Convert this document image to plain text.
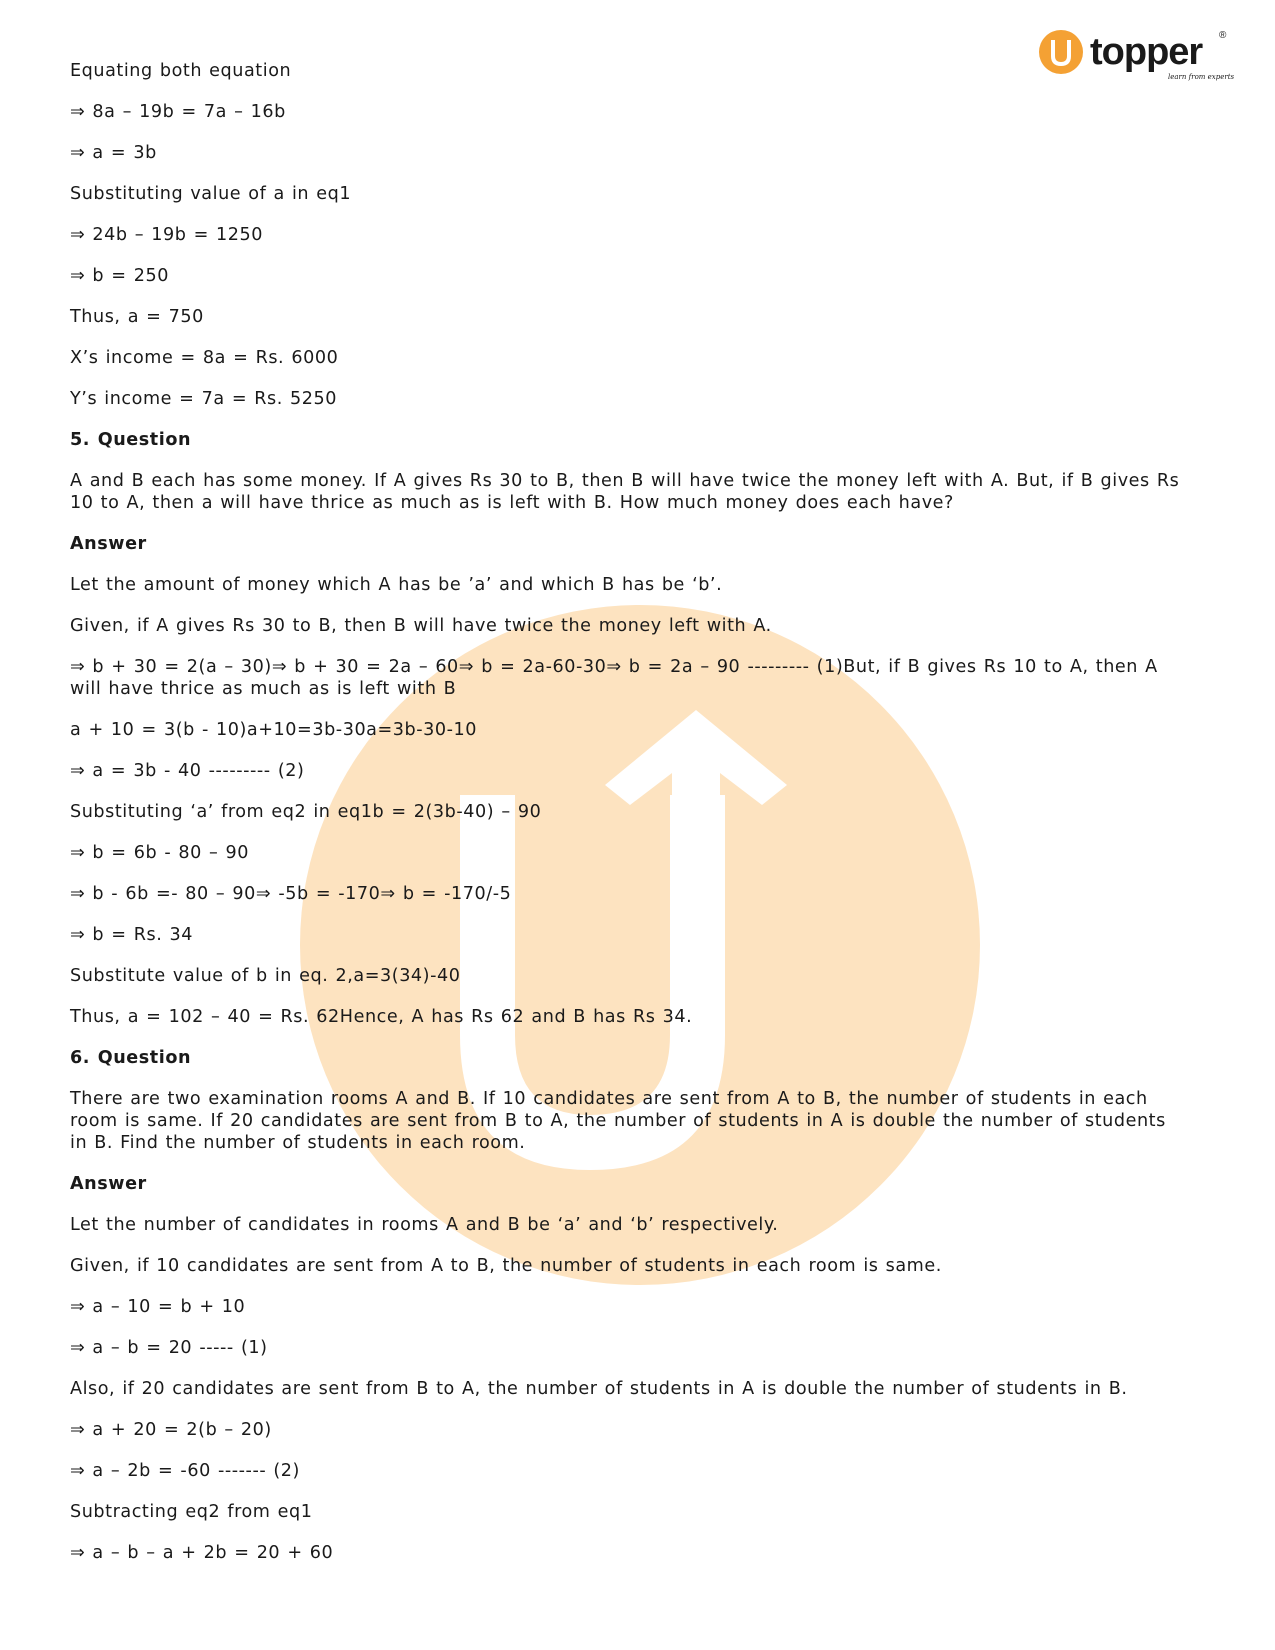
topper
learn from experts
®

Equating both equation

⇒ 8a – 19b = 7a – 16b

⇒ a = 3b

Substituting value of a in eq1

⇒ 24b – 19b = 1250

⇒ b = 250

Thus, a = 750

X’s income = 8a = Rs. 6000

Y’s income = 7a = Rs. 5250

5. Question

A and B each has some money. If A gives Rs 30 to B, then B will have twice the money left with A. But, if B gives Rs 10 to A, then a will have thrice as much as is left with B. How much money does each have?

Answer

Let the amount of money which A has be ’a’ and which B has be ‘b’.

Given, if A gives Rs 30 to B, then B will have twice the money left with A.

⇒ b + 30 = 2(a – 30)⇒ b + 30 = 2a – 60⇒ b = 2a-60-30⇒ b = 2a – 90 --------- (1)But, if B gives Rs 10 to A, then A will have thrice as much as is left with B

a + 10 = 3(b - 10)a+10=3b-30a=3b-30-10

⇒ a = 3b - 40 --------- (2)

Substituting ‘a’ from eq2 in eq1b = 2(3b-40) – 90

⇒ b = 6b - 80 – 90

⇒ b - 6b =- 80 – 90⇒ -5b = -170⇒ b = -170/-5

⇒ b = Rs. 34

Substitute value of b in eq. 2,a=3(34)-40

Thus, a = 102 – 40 = Rs. 62Hence, A has Rs 62 and B has Rs 34.

6. Question

There are two examination rooms A and B. If 10 candidates are sent from A to B, the number of students in each room is same. If 20 candidates are sent from B to A, the number of students in A is double the number of students in B. Find the number of students in each room.

Answer

Let the number of candidates in rooms A and B be ‘a’ and ‘b’ respectively.

Given, if 10 candidates are sent from A to B, the number of students in each room is same.

⇒ a – 10 = b + 10

⇒ a – b = 20 ----- (1)

Also, if 20 candidates are sent from B to A, the number of students in A is double the number of students in B.

⇒ a + 20 = 2(b – 20)

⇒ a – 2b = -60 ------- (2)

Subtracting eq2 from eq1

⇒ a – b – a + 2b = 20 + 60
